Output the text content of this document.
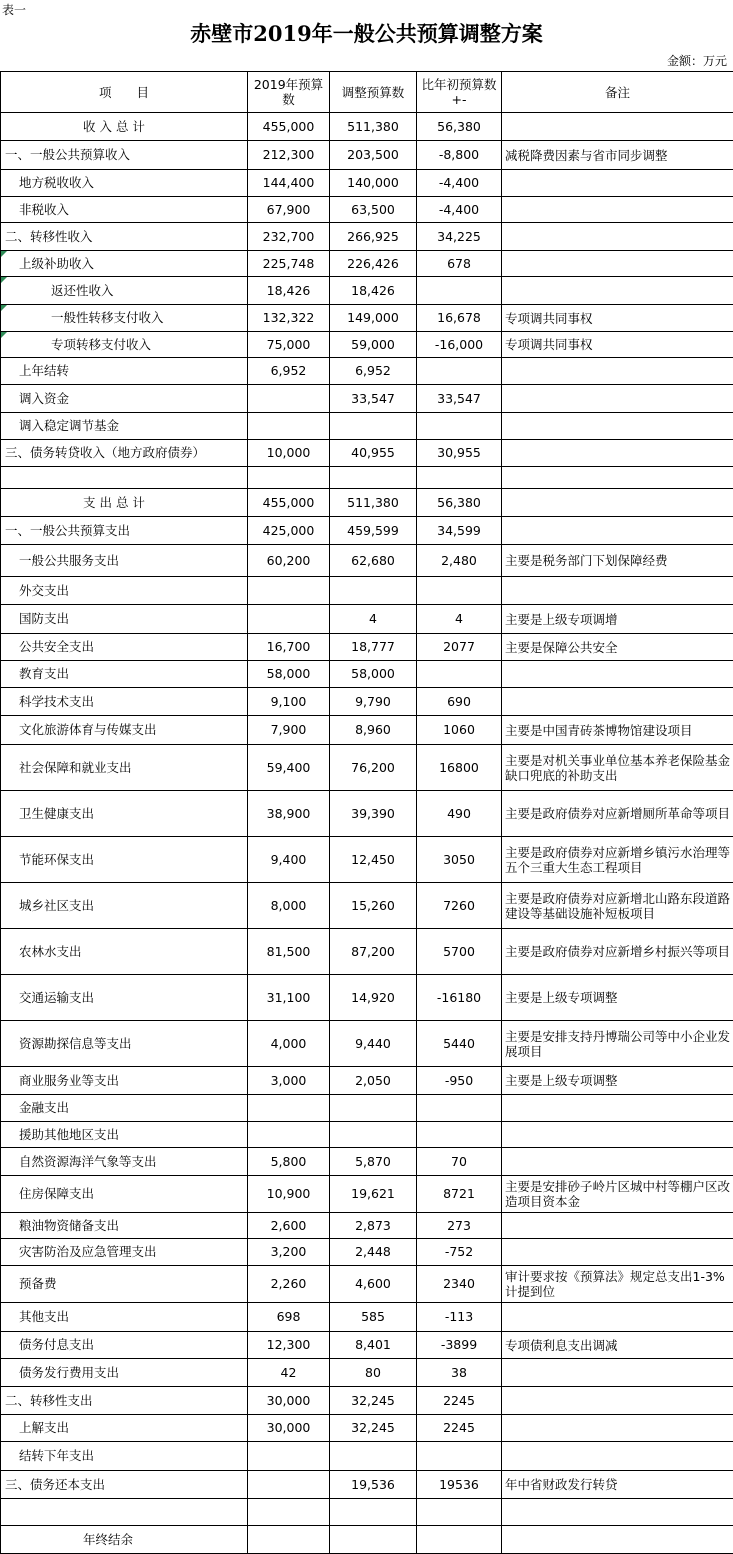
表一
赤壁市2019年一般公共预算调整方案
金额：万元
项　　目	2019年预算数	调整预算数	比年初预算数+-	备注
收 入 总 计	455,000	511,380	56,380	
一、一般公共预算收入	212,300	203,500	-8,800	减税降费因素与省市同步调整
地方税收收入	144,400	140,000	-4,400	
非税收入	67,900	63,500	-4,400	
二、转移性收入	232,700	266,925	34,225	
上级补助收入	225,748	226,426	678	
返还性收入	18,426	18,426		
一般性转移支付收入	132,322	149,000	16,678	专项调共同事权
专项转移支付收入	75,000	59,000	-16,000	专项调共同事权
上年结转	6,952	6,952		
调入资金		33,547	33,547	
调入稳定调节基金				
三、债务转贷收入（地方政府债券）	10,000	40,955	30,955	

支 出 总 计	455,000	511,380	56,380	
一、一般公共预算支出	425,000	459,599	34,599	
一般公共服务支出	60,200	62,680	2,480	主要是税务部门下划保障经费
外交支出				
国防支出		4	4	主要是上级专项调增
公共安全支出	16,700	18,777	2077	主要是保障公共安全
教育支出	58,000	58,000		
科学技术支出	9,100	9,790	690	
文化旅游体育与传媒支出	7,900	8,960	1060	主要是中国青砖茶博物馆建设项目
社会保障和就业支出	59,400	76,200	16800	主要是对机关事业单位基本养老保险基金缺口兜底的补助支出
卫生健康支出	38,900	39,390	490	主要是政府债券对应新增厕所革命等项目
节能环保支出	9,400	12,450	3050	主要是政府债券对应新增乡镇污水治理等五个三重大生态工程项目
城乡社区支出	8,000	15,260	7260	主要是政府债券对应新增北山路东段道路建设等基础设施补短板项目
农林水支出	81,500	87,200	5700	主要是政府债券对应新增乡村振兴等项目
交通运输支出	31,100	14,920	-16180	主要是上级专项调整
资源勘探信息等支出	4,000	9,440	5440	主要是安排支持丹博瑞公司等中小企业发展项目
商业服务业等支出	3,000	2,050	-950	主要是上级专项调整
金融支出				
援助其他地区支出				
自然资源海洋气象等支出	5,800	5,870	70	
住房保障支出	10,900	19,621	8721	主要是安排砂子岭片区城中村等棚户区改造项目资本金
粮油物资储备支出	2,600	2,873	273	
灾害防治及应急管理支出	3,200	2,448	-752	
预备费	2,260	4,600	2340	审计要求按《预算法》规定总支出1-3%计提到位
其他支出	698	585	-113	
债务付息支出	12,300	8,401	-3899	专项债利息支出调减
债务发行费用支出	42	80	38	
二、转移性支出	30,000	32,245	2245	
上解支出	30,000	32,245	2245	
结转下年支出				
三、债务还本支出		19,536	19536	年中省财政发行转贷

年终结余				
